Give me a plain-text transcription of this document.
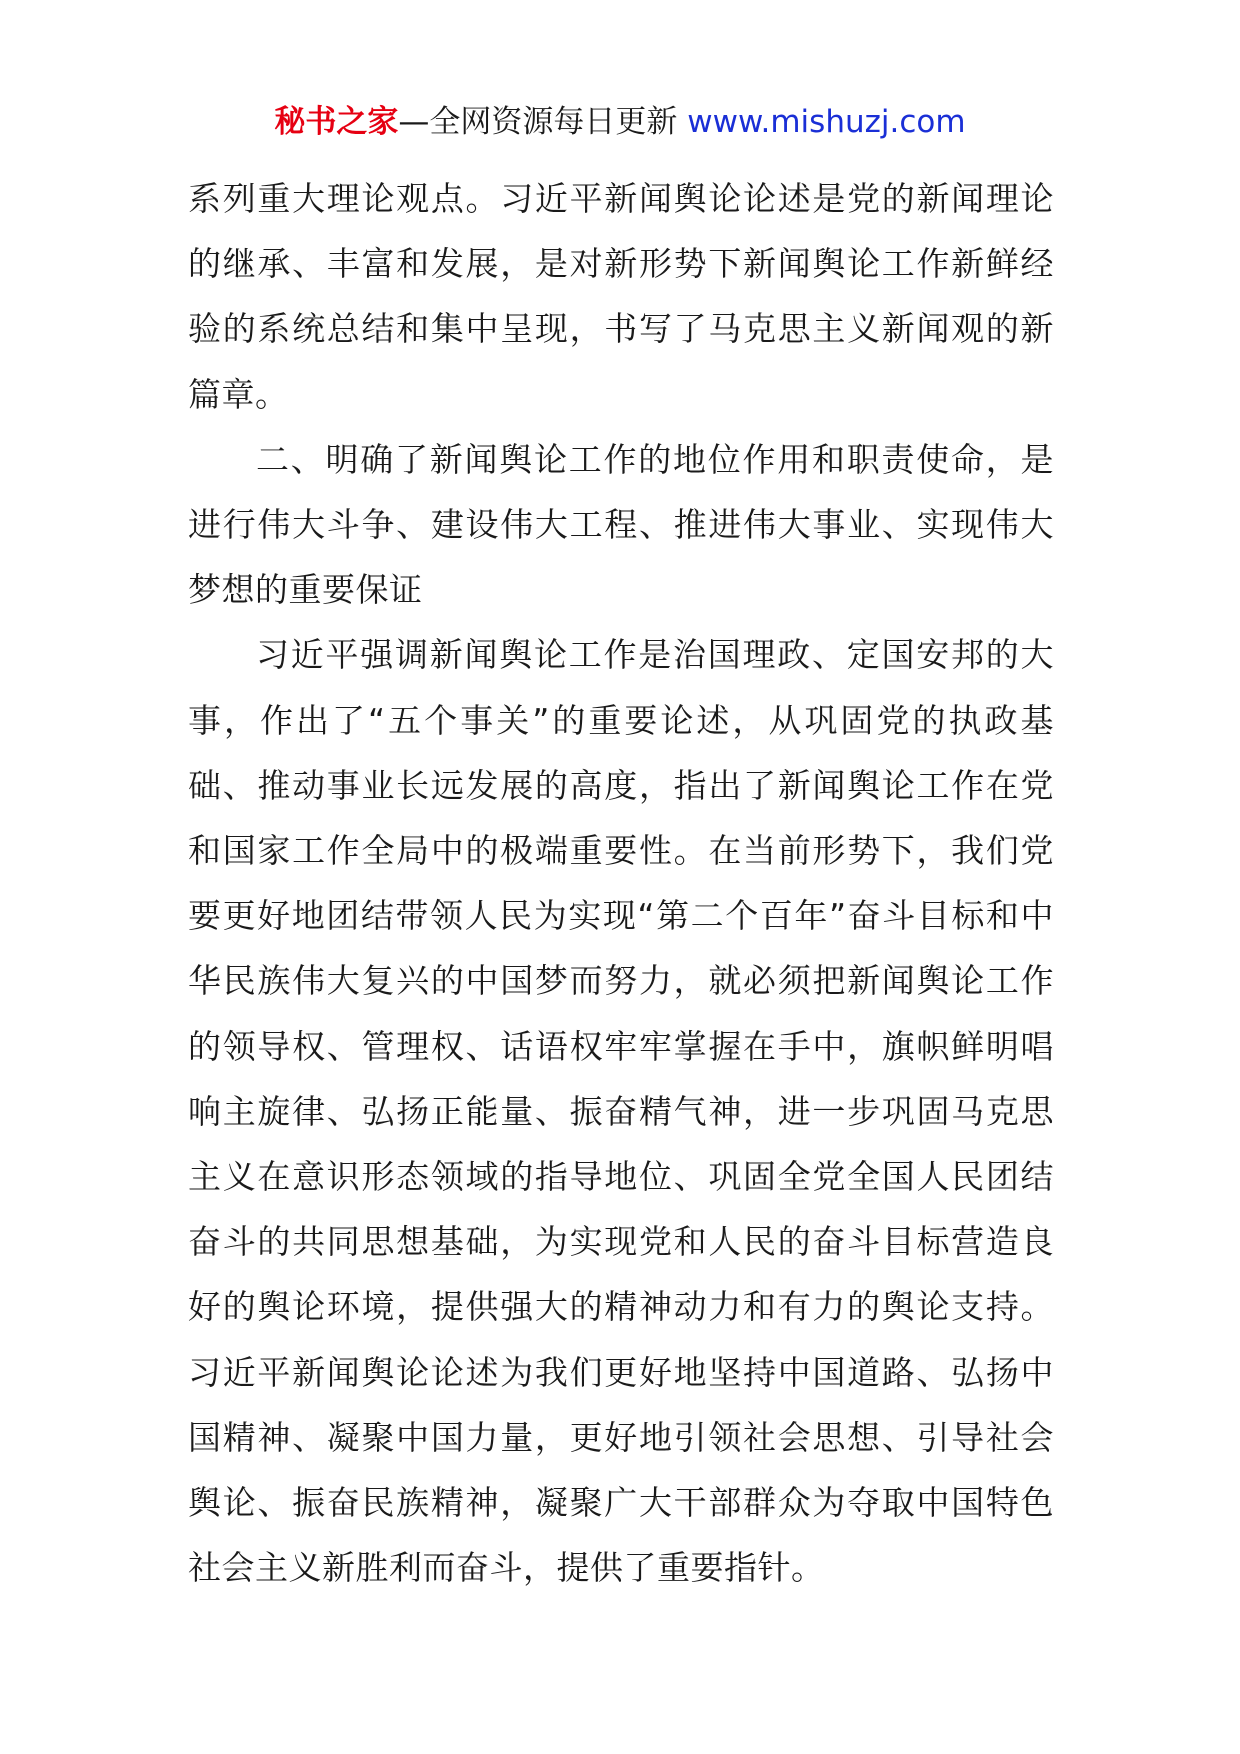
秘书之家—全网资源每日更新 www.mishuzj.com

系列重大理论观点。习近平新闻舆论论述是党的新闻理论的继承、丰富和发展，是对新形势下新闻舆论工作新鲜经验的系统总结和集中呈现，书写了马克思主义新闻观的新篇章。

二、明确了新闻舆论工作的地位作用和职责使命，是进行伟大斗争、建设伟大工程、推进伟大事业、实现伟大梦想的重要保证

习近平强调新闻舆论工作是治国理政、定国安邦的大事，作出了“五个事关”的重要论述，从巩固党的执政基础、推动事业长远发展的高度，指出了新闻舆论工作在党和国家工作全局中的极端重要性。在当前形势下，我们党要更好地团结带领人民为实现“第二个百年”奋斗目标和中华民族伟大复兴的中国梦而努力，就必须把新闻舆论工作的领导权、管理权、话语权牢牢掌握在手中，旗帜鲜明唱响主旋律、弘扬正能量、振奋精气神，进一步巩固马克思主义在意识形态领域的指导地位、巩固全党全国人民团结奋斗的共同思想基础，为实现党和人民的奋斗目标营造良好的舆论环境，提供强大的精神动力和有力的舆论支持。习近平新闻舆论论述为我们更好地坚持中国道路、弘扬中国精神、凝聚中国力量，更好地引领社会思想、引导社会舆论、振奋民族精神，凝聚广大干部群众为夺取中国特色社会主义新胜利而奋斗，提供了重要指针。
